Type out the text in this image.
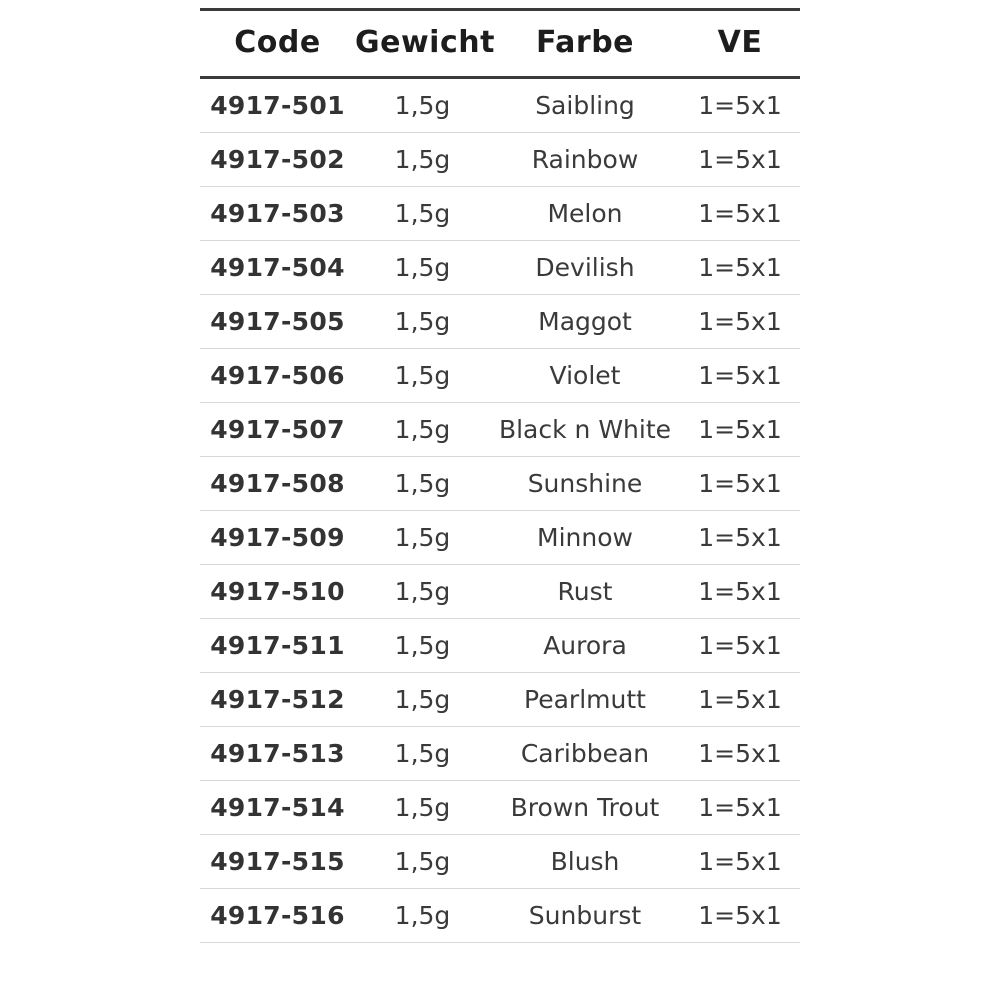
Code	Gewicht	Farbe	VE

4917-501	1,5g	Saibling	1=5x1
4917-502	1,5g	Rainbow	1=5x1
4917-503	1,5g	Melon	1=5x1
4917-504	1,5g	Devilish	1=5x1
4917-505	1,5g	Maggot	1=5x1
4917-506	1,5g	Violet	1=5x1
4917-507	1,5g	Black n White	1=5x1
4917-508	1,5g	Sunshine	1=5x1
4917-509	1,5g	Minnow	1=5x1
4917-510	1,5g	Rust	1=5x1
4917-511	1,5g	Aurora	1=5x1
4917-512	1,5g	Pearlmutt	1=5x1
4917-513	1,5g	Caribbean	1=5x1
4917-514	1,5g	Brown Trout	1=5x1
4917-515	1,5g	Blush	1=5x1
4917-516	1,5g	Sunburst	1=5x1
